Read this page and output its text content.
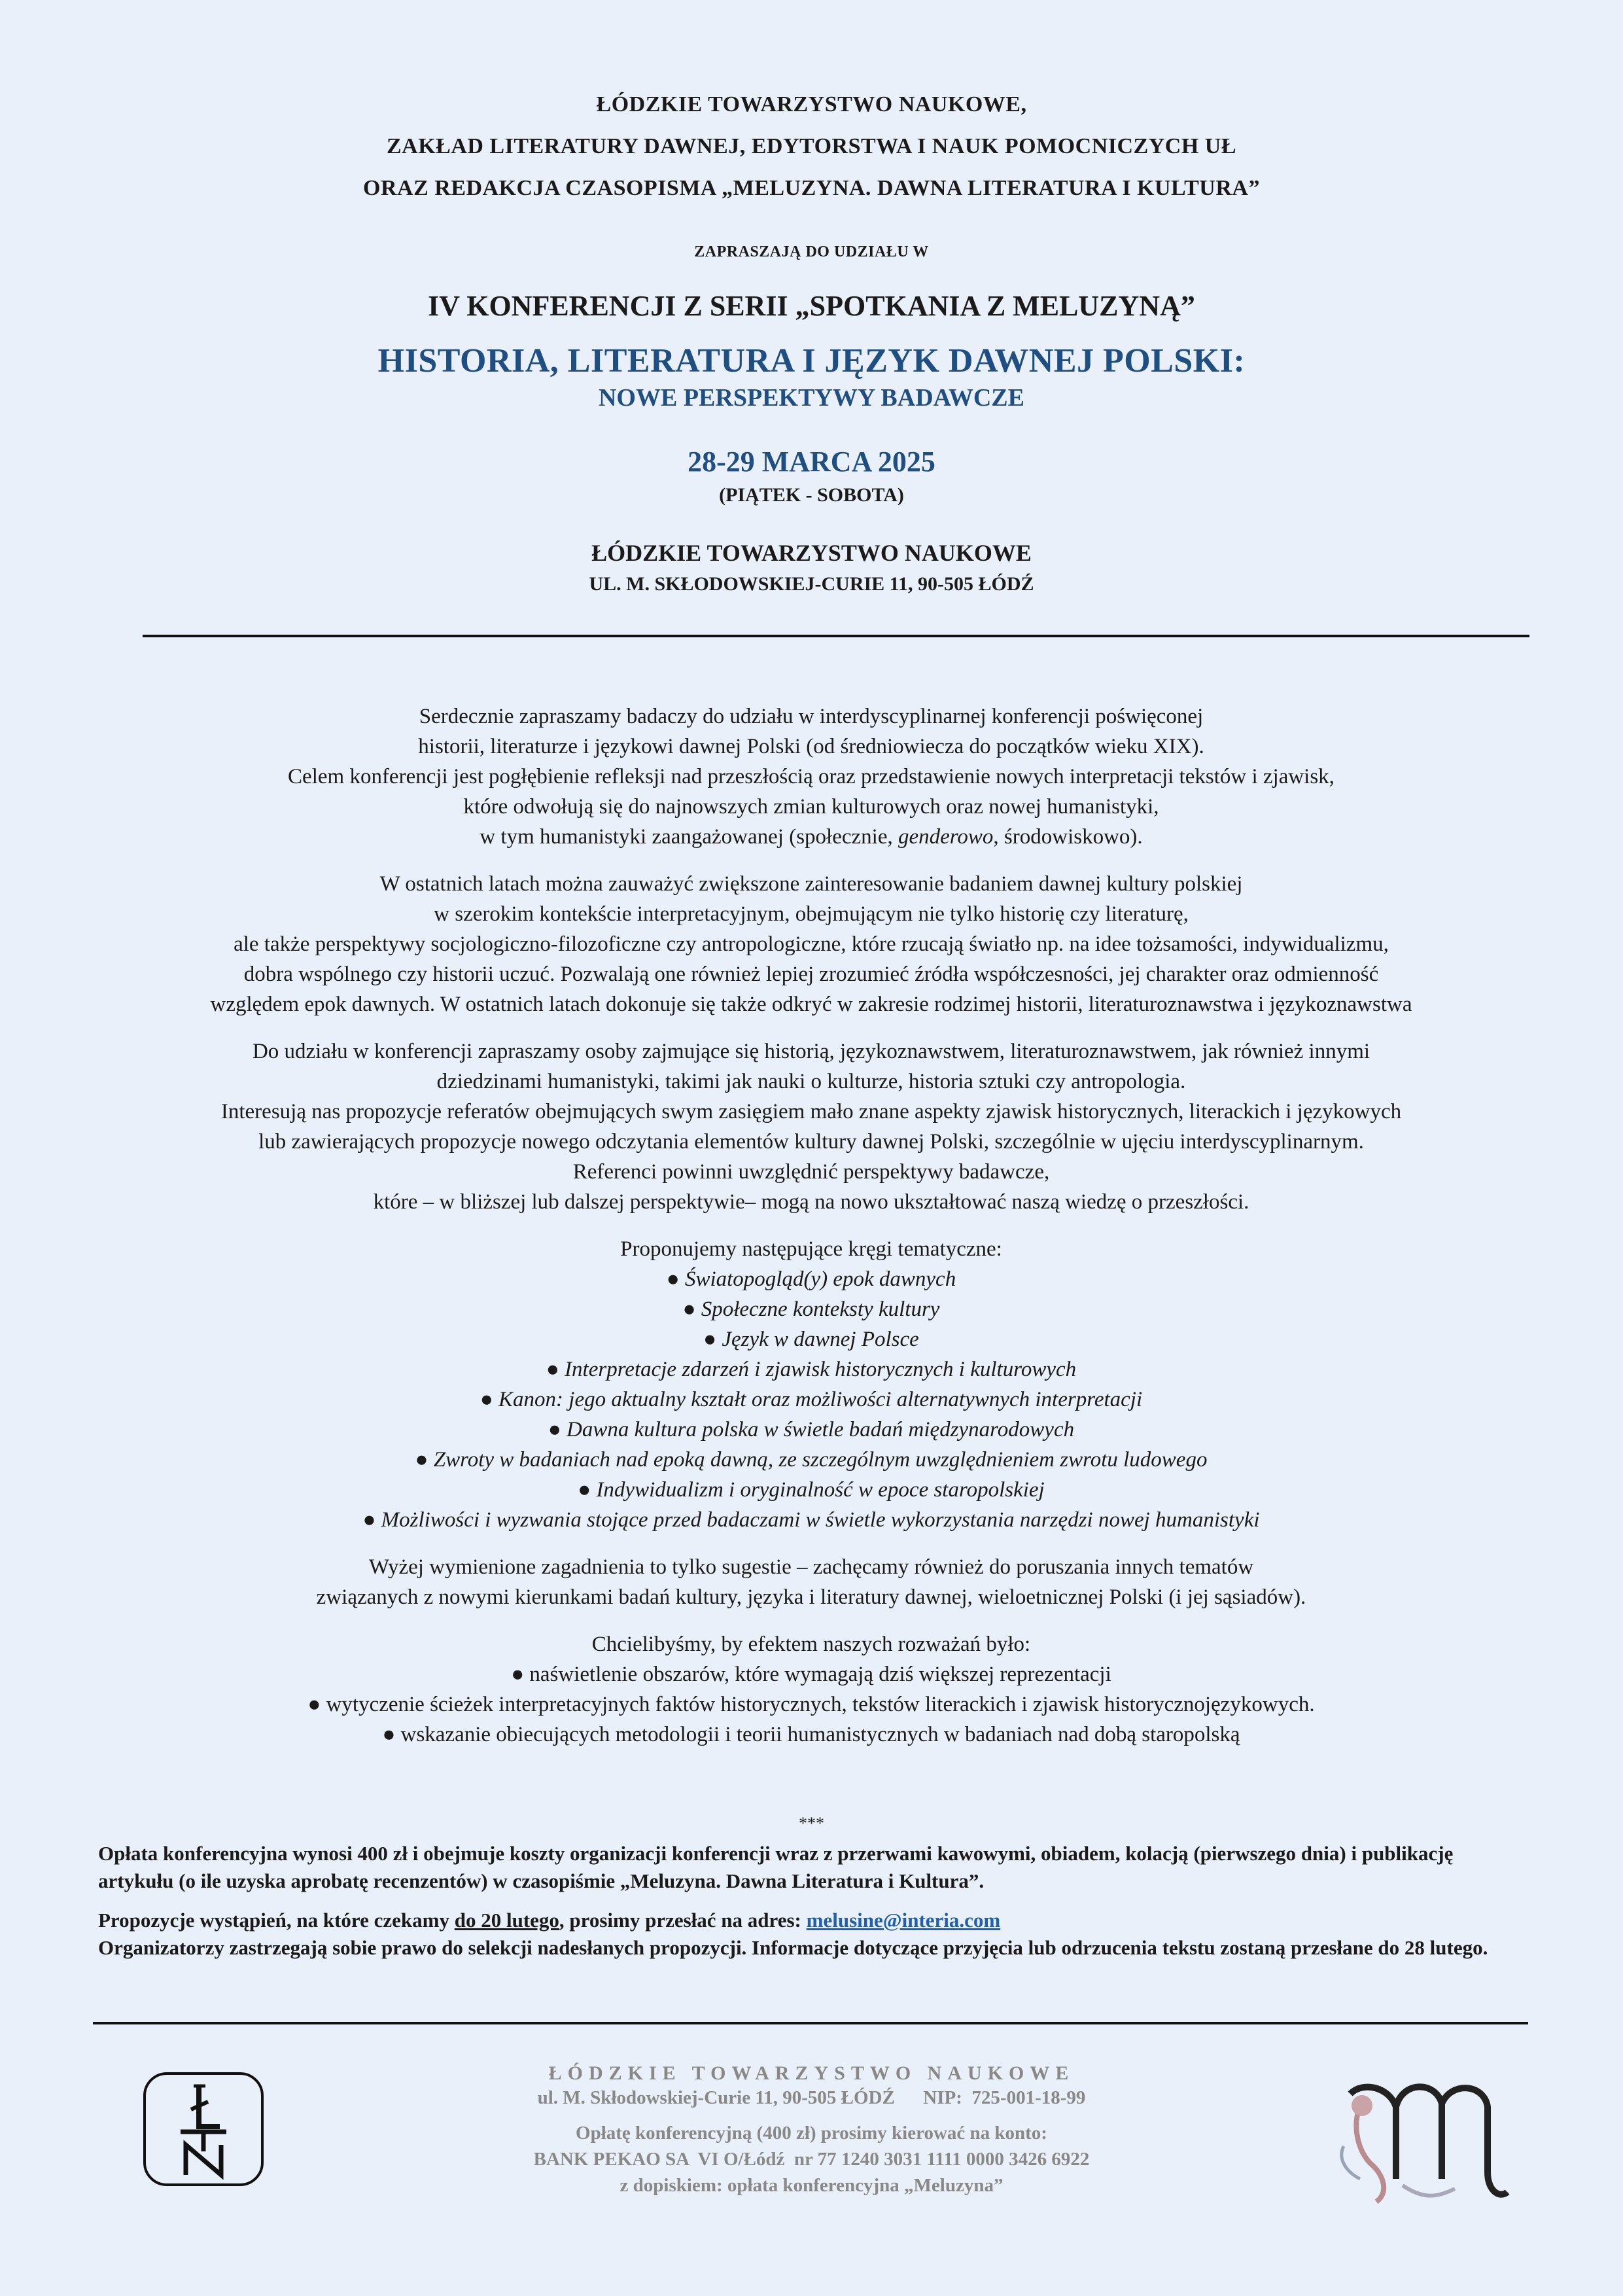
ŁÓDZKIE TOWARZYSTWO NAUKOWE,
ZAKŁAD LITERATURY DAWNEJ, EDYTORSTWA I NAUK POMOCNICZYCH UŁ
ORAZ REDAKCJA CZASOPISMA „MELUZYNA. DAWNA LITERATURA I KULTURA”
ZAPRASZAJĄ DO UDZIAŁU W
IV KONFERENCJI Z SERII „SPOTKANIA Z MELUZYNĄ”
HISTORIA, LITERATURA I JĘZYK DAWNEJ POLSKI:
NOWE PERSPEKTYWY BADAWCZE
28-29 MARCA 2025
(PIĄTEK - SOBOTA)
ŁÓDZKIE TOWARZYSTWO NAUKOWE
UL. M. SKŁODOWSKIEJ-CURIE 11, 90-505 ŁÓDŹ

Serdecznie zapraszamy badaczy do udziału w interdyscyplinarnej konferencji poświęconej
historii, literaturze i językowi dawnej Polski (od średniowiecza do początków wieku XIX).
Celem konferencji jest pogłębienie refleksji nad przeszłością oraz przedstawienie nowych interpretacji tekstów i zjawisk,
które odwołują się do najnowszych zmian kulturowych oraz nowej humanistyki,
w tym humanistyki zaangażowanej (społecznie, genderowo, środowiskowo).

W ostatnich latach można zauważyć zwiększone zainteresowanie badaniem dawnej kultury polskiej
w szerokim kontekście interpretacyjnym, obejmującym nie tylko historię czy literaturę,
ale także perspektywy socjologiczno-filozoficzne czy antropologiczne, które rzucają światło np. na idee tożsamości, indywidualizmu,
dobra wspólnego czy historii uczuć. Pozwalają one również lepiej zrozumieć źródła współczesności, jej charakter oraz odmienność
względem epok dawnych. W ostatnich latach dokonuje się także odkryć w zakresie rodzimej historii, literaturoznawstwa i językoznawstwa

Do udziału w konferencji zapraszamy osoby zajmujące się historią, językoznawstwem, literaturoznawstwem, jak również innymi
dziedzinami humanistyki, takimi jak nauki o kulturze, historia sztuki czy antropologia.
Interesują nas propozycje referatów obejmujących swym zasięgiem mało znane aspekty zjawisk historycznych, literackich i językowych
lub zawierających propozycje nowego odczytania elementów kultury dawnej Polski, szczególnie w ujęciu interdyscyplinarnym.
Referenci powinni uwzględnić perspektywy badawcze,
które – w bliższej lub dalszej perspektywie– mogą na nowo ukształtować naszą wiedzę o przeszłości.

Proponujemy następujące kręgi tematyczne:
● Światopogląd(y) epok dawnych
● Społeczne konteksty kultury
● Język w dawnej Polsce
● Interpretacje zdarzeń i zjawisk historycznych i kulturowych
● Kanon: jego aktualny kształt oraz możliwości alternatywnych interpretacji
● Dawna kultura polska w świetle badań międzynarodowych
● Zwroty w badaniach nad epoką dawną, ze szczególnym uwzględnieniem zwrotu ludowego
● Indywidualizm i oryginalność w epoce staropolskiej
● Możliwości i wyzwania stojące przed badaczami w świetle wykorzystania narzędzi nowej humanistyki

Wyżej wymienione zagadnienia to tylko sugestie – zachęcamy również do poruszania innych tematów
związanych z nowymi kierunkami badań kultury, języka i literatury dawnej, wieloetnicznej Polski (i jej sąsiadów).

Chcielibyśmy, by efektem naszych rozważań było:
● naświetlenie obszarów, które wymagają dziś większej reprezentacji
● wytyczenie ścieżek interpretacyjnych faktów historycznych, tekstów literackich i zjawisk historycznojęzykowych.
● wskazanie obiecujących metodologii i teorii humanistycznych w badaniach nad dobą staropolską
***

Opłata konferencyjna wynosi 400 zł i obejmuje koszty organizacji konferencji wraz z przerwami kawowymi, obiadem, kolacją (pierwszego dnia) i publikację artykułu (o ile uzyska aprobatę recenzentów) w czasopiśmie „Meluzyna. Dawna Literatura i Kultura”.

Propozycje wystąpień, na które czekamy do 20 lutego, prosimy przesłać na adres: melusine@interia.com

Organizatorzy zastrzegają sobie prawo do selekcji nadesłanych propozycji. Informacje dotyczące przyjęcia lub odrzucenia tekstu zostaną przesłane do 28 lutego.

ŁÓDZKIE TOWARZYSTWO NAUKOWE
ul. M. Skłodowskiej-Curie 11, 90-505 ŁÓDŹ      NIP:  725-001-18-99
Opłatę konferencyjną (400 zł) prosimy kierować na konto:
BANK PEKAO SA  VI O/Łódź  nr 77 1240 3031 1111 0000 3426 6922
z dopiskiem: opłata konferencyjna „Meluzyna”
